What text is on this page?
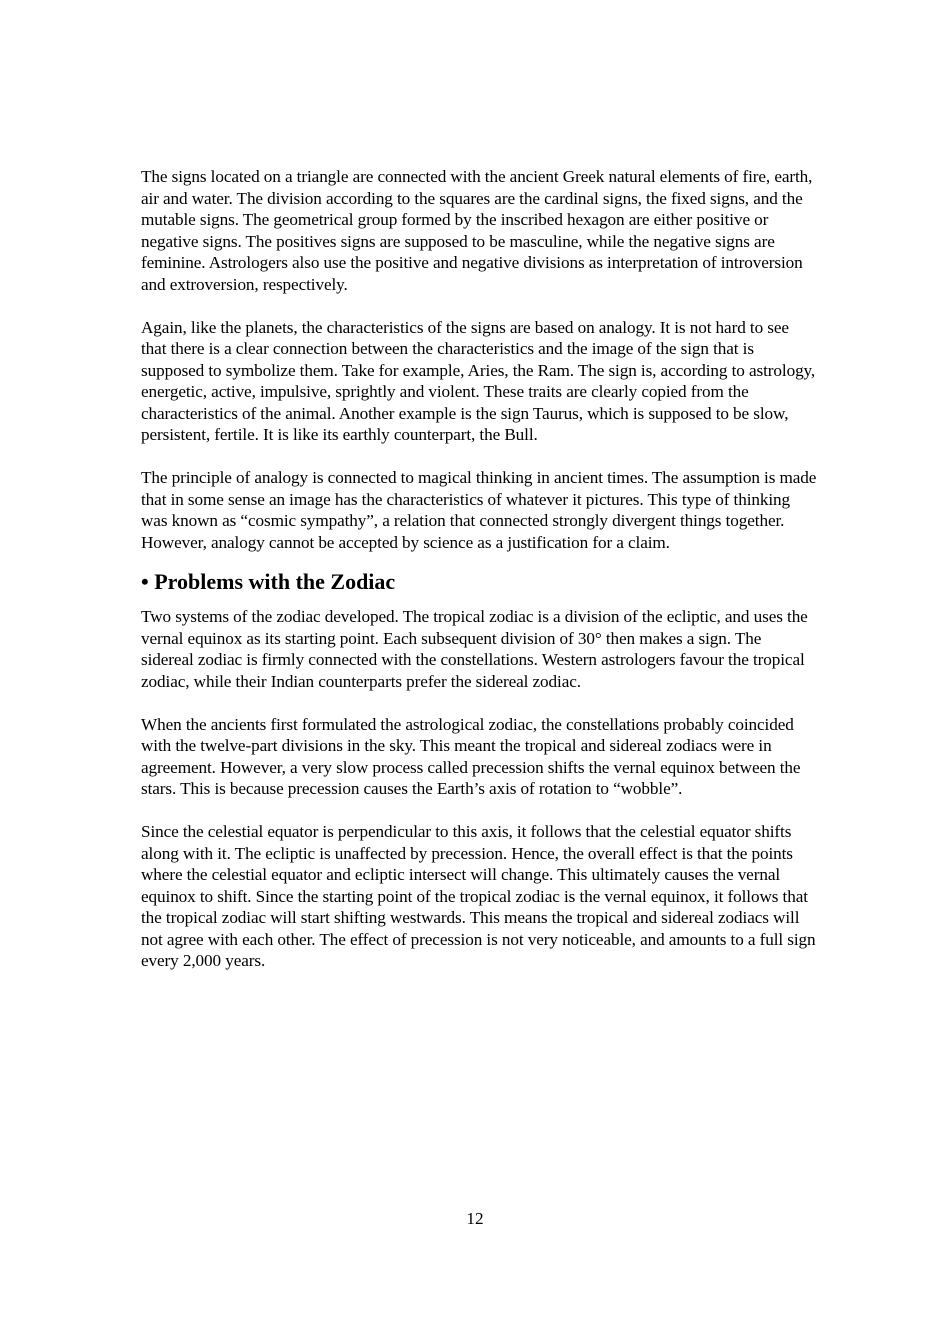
The signs located on a triangle are connected with the ancient Greek natural elements of fire, earth, air and water. The division according to the squares are the cardinal signs, the fixed signs, and the mutable signs. The geometrical group formed by the inscribed hexagon are either positive or negative signs. The positives signs are supposed to be masculine, while the negative signs are feminine. Astrologers also use the positive and negative divisions as interpretation of introversion and extroversion, respectively.

Again, like the planets, the characteristics of the signs are based on analogy. It is not hard to see that there is a clear connection between the characteristics and the image of the sign that is supposed to symbolize them. Take for example, Aries, the Ram. The sign is, according to astrology, energetic, active, impulsive, sprightly and violent. These traits are clearly copied from the characteristics of the animal. Another example is the sign Taurus, which is supposed to be slow, persistent, fertile. It is like its earthly counterpart, the Bull.

The principle of analogy is connected to magical thinking in ancient times. The assumption is made that in some sense an image has the characteristics of whatever it pictures. This type of thinking was known as “cosmic sympathy”, a relation that connected strongly divergent things together. However, analogy cannot be accepted by science as a justification for a claim.

• Problems with the Zodiac

Two systems of the zodiac developed. The tropical zodiac is a division of the ecliptic, and uses the vernal equinox as its starting point. Each subsequent division of 30° then makes a sign. The sidereal zodiac is firmly connected with the constellations. Western astrologers favour the tropical zodiac, while their Indian counterparts prefer the sidereal zodiac.

When the ancients first formulated the astrological zodiac, the constellations probably coincided with the twelve-part divisions in the sky. This meant the tropical and sidereal zodiacs were in agreement. However, a very slow process called precession shifts the vernal equinox between the stars. This is because precession causes the Earth’s axis of rotation to “wobble”.

Since the celestial equator is perpendicular to this axis, it follows that the celestial equator shifts along with it. The ecliptic is unaffected by precession. Hence, the overall effect is that the points where the celestial equator and ecliptic intersect will change. This ultimately causes the vernal equinox to shift. Since the starting point of the tropical zodiac is the vernal equinox, it follows that the tropical zodiac will start shifting westwards. This means the tropical and sidereal zodiacs will not agree with each other. The effect of precession is not very noticeable, and amounts to a full sign every 2,000 years.

12
